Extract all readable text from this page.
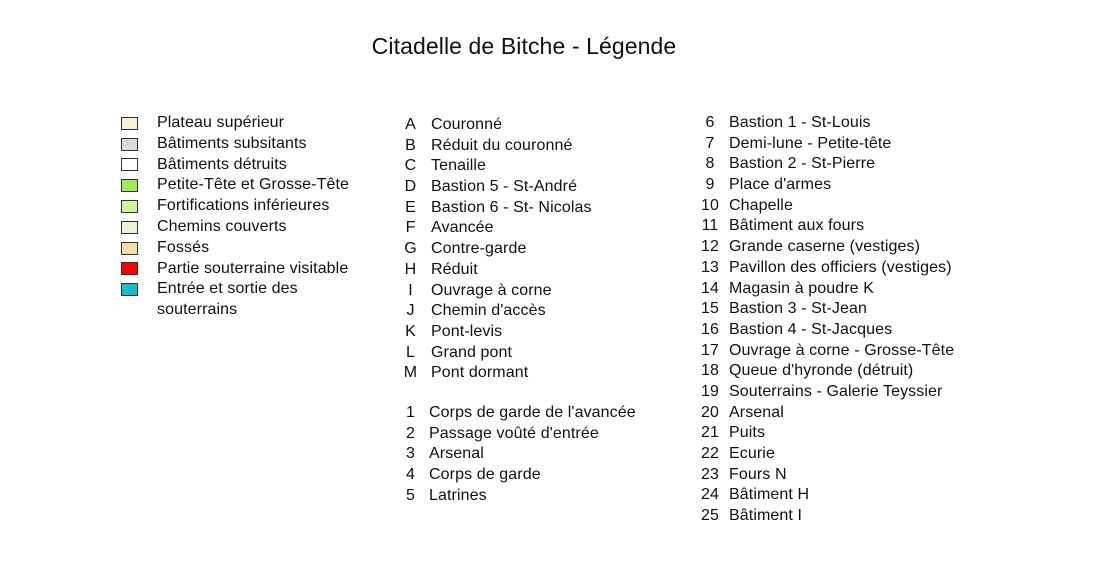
Citadelle de Bitche - Légende
Plateau supérieur
Bâtiments subsitants
Bâtiments détruits
Petite-Tête et Grosse-Tête
Fortifications inférieures
Chemins couverts
Fossés
Partie souterraine visitable
Entrée et sortie des souterrains
A Couronné
B Réduit du couronné
C Tenaille
D Bastion 5 - St-André
E Bastion 6 - St- Nicolas
F Avancée
G Contre-garde
H Réduit
I	Ouvrage à corne
J	Chemin d'accès
K Pont-levis
L	Grand pont
M Pont dormant
1 Corps de garde de l'avancée
2 Passage voûté d'entrée
3 Arsenal
4 Corps de garde
5 Latrines
6 Bastion 1 - St-Louis
7 Demi-lune - Petite-tête
8 Bastion 2 - St-Pierre
9 Place d'armes
10 Chapelle
11 Bâtiment aux fours
12 Grande caserne (vestiges)
13 Pavillon des officiers (vestiges)
14 Magasin à poudre K
15 Bastion 3 - St-Jean
16 Bastion 4 - St-Jacques
17 Ouvrage à corne - Grosse-Tête
18 Queue d'hyronde (détruit)
19 Souterrains - Galerie Teyssier
20 Arsenal
21 Puits
22 Ecurie
23 Fours N
24 Bâtiment H
25 Bâtiment I
